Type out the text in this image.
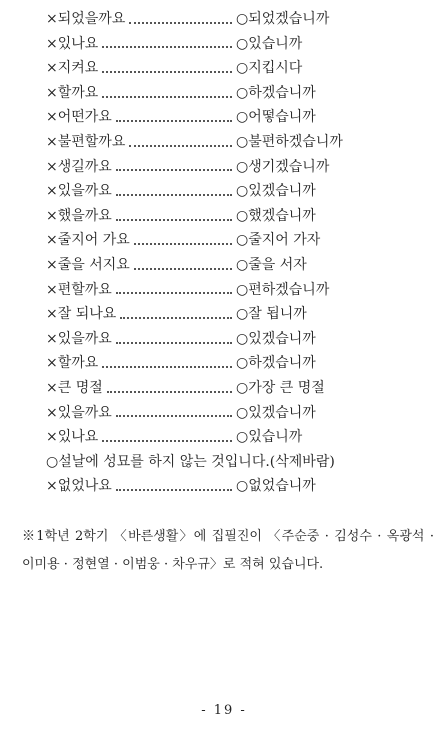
×되었을까요	○되었겠습니까
×있나요	○있습니까
×지켜요	○지킵시다
×할까요	○하겠습니까
×어떤가요	○어떻습니까
×불편할까요	○불편하겠습니까
×생길까요	○생기겠습니까
×있을까요	○있겠습니까
×했을까요	○했겠습니까
×줄지어 가요	○줄지어 가자
×줄을 서지요	○줄을 서자
×편할까요	○편하겠습니까
×잘 되나요	○잘 됩니까
×있을까요	○있겠습니까
×할까요	○하겠습니까
×큰 명절	○가장 큰 명절
×있을까요	○있겠습니까
×있나요	○있습니까
○설날에 성묘를 하지 않는 것입니다.(삭제바람)
×없었나요	○없었습니까
※1학년 2학기 〈바른생활〉에 집필진이 〈주순중 · 김성수 · 옥광석 · 이미용 · 정현열 · 이범웅 · 차우규〉로 적혀 있습니다.
- 19 -
